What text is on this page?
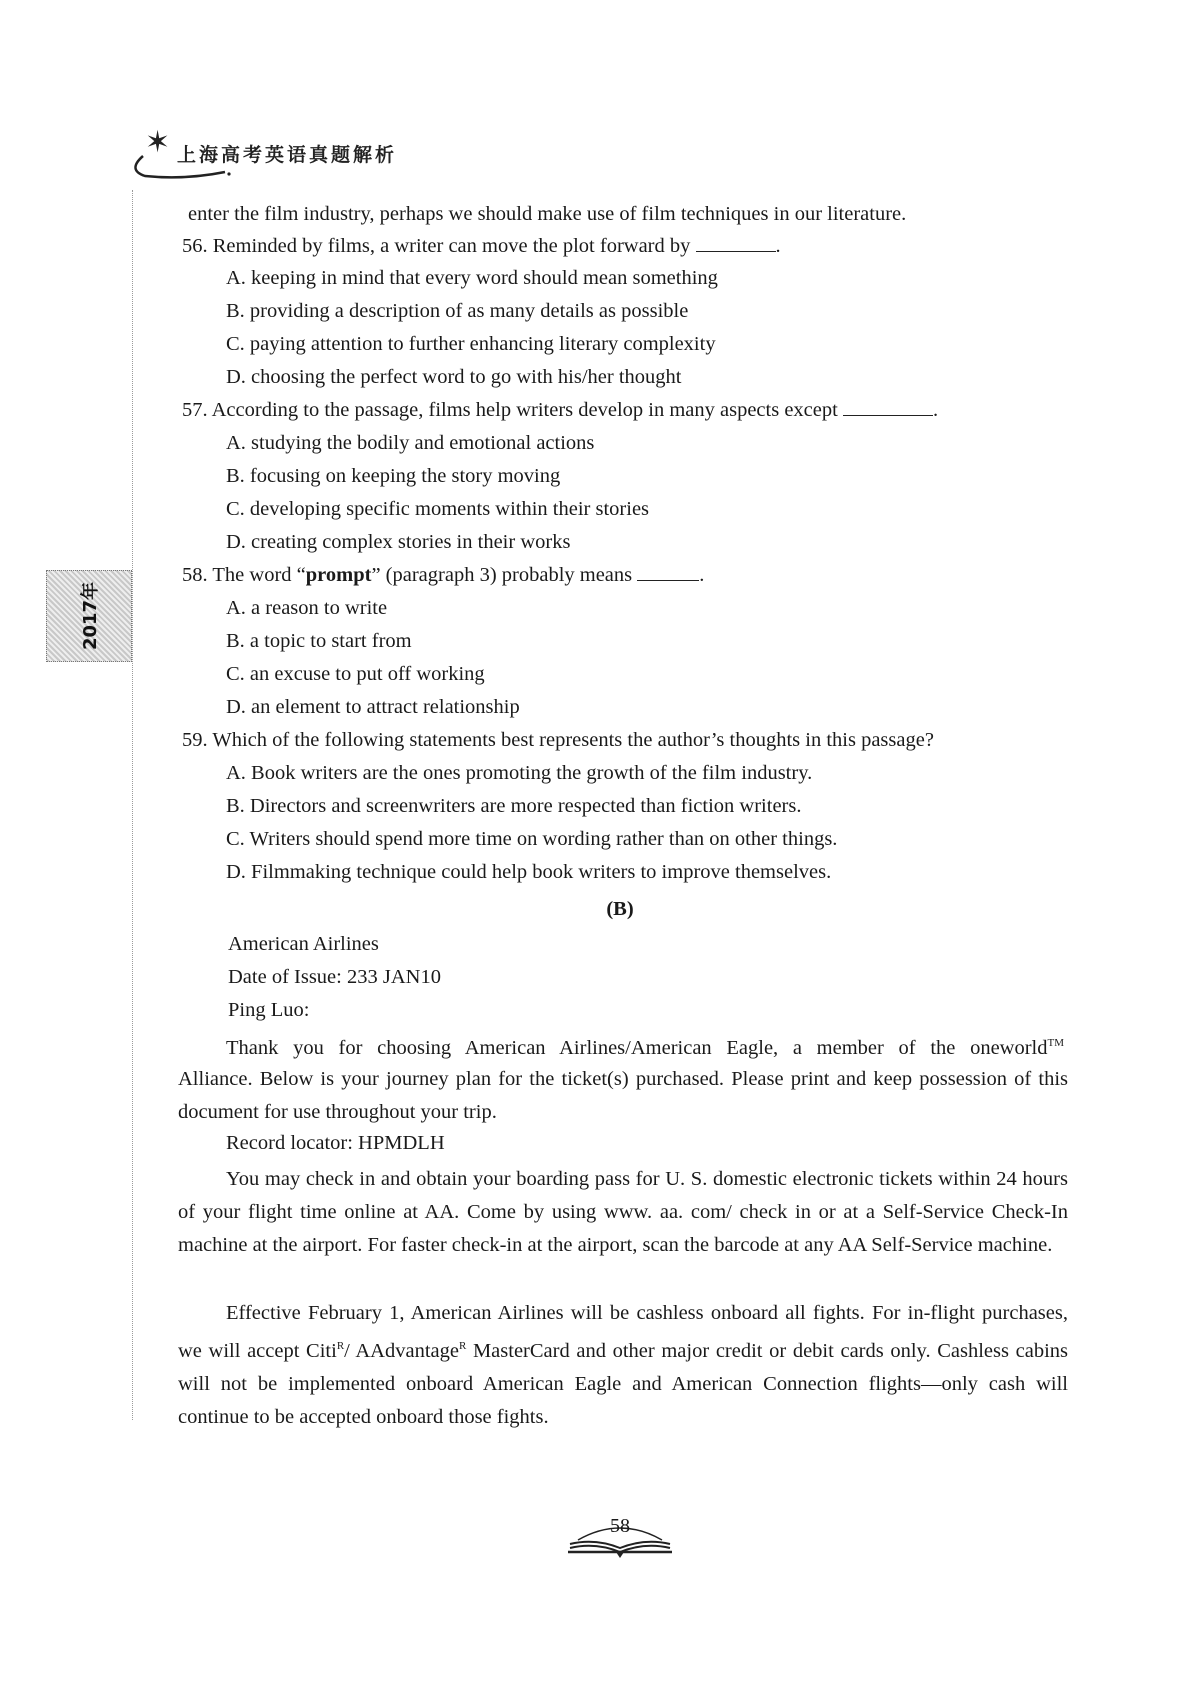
✶ 上海高考英语真题解析
2017年
enter the film industry, perhaps we should make use of film techniques in our literature.
56. Reminded by films, a writer can move the plot forward by	.
A. keeping in mind that every word should mean something
B. providing a description of as many details as possible
C. paying attention to further enhancing literary complexity
D. choosing the perfect word to go with his/her thought
57. According to the passage, films help writers develop in many aspects except	.
A. studying the bodily and emotional actions
B. focusing on keeping the story moving
C. developing specific moments within their stories
D. creating complex stories in their works
58. The word “prompt” (paragraph 3) probably means	.
A. a reason to write
B. a topic to start from
C. an excuse to put off working
D. an element to attract relationship
59. Which of the following statements best represents the author’s thoughts in this passage?
A. Book writers are the ones promoting the growth of the film industry.
B. Directors and screenwriters are more respected than fiction writers.
C. Writers should spend more time on wording rather than on other things.
D. Filmmaking technique could help book writers to improve themselves.
(B)
American Airlines
Date of Issue: 233 JAN10
Ping Luo:
Thank you for choosing American Airlines/American Eagle, a member of the oneworld™
Alliance. Below is your journey plan for the ticket(s) purchased. Please print and keep possession of this document for use throughout your trip.
Record locator: HPMDLH
You may check in and obtain your boarding pass for U. S. domestic electronic tickets within 24 hours of your flight time online at AA. Come by using www. aa. com/ check in or at a Self-Service Check-In machine at the airport. For faster check-in at the airport, scan the barcode at any AA Self-Service machine.
Effective February 1, American Airlines will be cashless onboard all fights. For in-flight purchases, we will accept Citi$^R$/ AAdvantage$^R$ MasterCard and other major credit or debit cards only. Cashless cabins will not be implemented onboard American Eagle and American Connection flights—only cash will continue to be accepted onboard those fights.
58
